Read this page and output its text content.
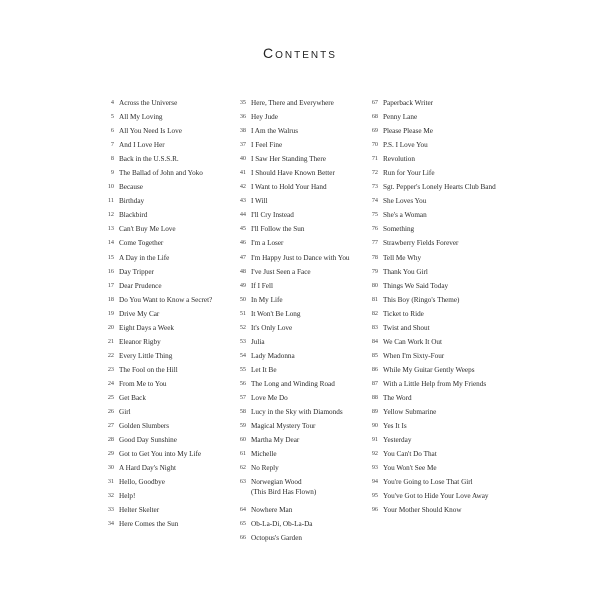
Contents
4 Across the Universe
5 All My Loving
6 All You Need Is Love
7 And I Love Her
8 Back in the U.S.S.R.
9 The Ballad of John and Yoko
10 Because
11 Birthday
12 Blackbird
13 Can't Buy Me Love
14 Come Together
15 A Day in the Life
16 Day Tripper
17 Dear Prudence
18 Do You Want to Know a Secret?
19 Drive My Car
20 Eight Days a Week
21 Eleanor Rigby
22 Every Little Thing
23 The Fool on the Hill
24 From Me to You
25 Get Back
26 Girl
27 Golden Slumbers
28 Good Day Sunshine
29 Got to Get You into My Life
30 A Hard Day's Night
31 Hello, Goodbye
32 Help!
33 Helter Skelter
34 Here Comes the Sun
35 Here, There and Everywhere
36 Hey Jude
38 I Am the Walrus
37 I Feel Fine
40 I Saw Her Standing There
41 I Should Have Known Better
42 I Want to Hold Your Hand
43 I Will
44 I'll Cry Instead
45 I'll Follow the Sun
46 I'm a Loser
47 I'm Happy Just to Dance with You
48 I've Just Seen a Face
49 If I Fell
50 In My Life
51 It Won't Be Long
52 It's Only Love
53 Julia
54 Lady Madonna
55 Let It Be
56 The Long and Winding Road
57 Love Me Do
58 Lucy in the Sky with Diamonds
59 Magical Mystery Tour
60 Martha My Dear
61 Michelle
62 No Reply
63 Norwegian Wood
(This Bird Has Flown)
64 Nowhere Man
65 Ob-La-Di, Ob-La-Da
66 Octopus's Garden
67 Paperback Writer
68 Penny Lane
69 Please Please Me
70 P.S. I Love You
71 Revolution
72 Run for Your Life
73 Sgt. Pepper's Lonely Hearts Club Band
74 She Loves You
75 She's a Woman
76 Something
77 Strawberry Fields Forever
78 Tell Me Why
79 Thank You Girl
80 Things We Said Today
81 This Boy (Ringo's Theme)
82 Ticket to Ride
83 Twist and Shout
84 We Can Work It Out
85 When I'm Sixty-Four
86 While My Guitar Gently Weeps
87 With a Little Help from My Friends
88 The Word
89 Yellow Submarine
90 Yes It Is
91 Yesterday
92 You Can't Do That
93 You Won't See Me
94 You're Going to Lose That Girl
95 You've Got to Hide Your Love Away
96 Your Mother Should Know
